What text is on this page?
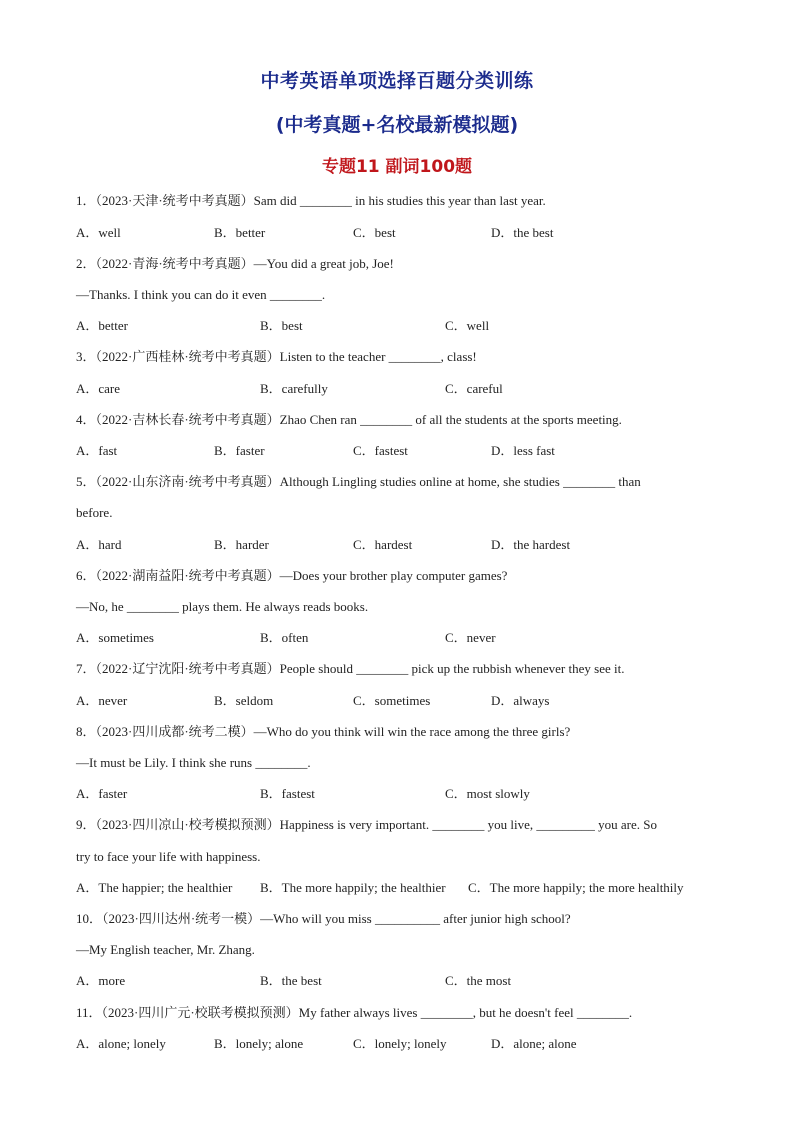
中考英语单项选择百题分类训练
(中考真题+名校最新模拟题)
专题11 副词100题
1．（2023·天津·统考中考真题）Sam did ________ in his studies this year than last year.
A．well	B．better	C．best	D．the best
2．（2022·青海·统考中考真题）—You did a great job, Joe!
—Thanks. I think you can do it even ________.
A．better	B．best	C．well
3．（2022·广西桂林·统考中考真题）Listen to the teacher ________, class!
A．care	B．carefully	C．careful
4．（2022·吉林长春·统考中考真题）Zhao Chen ran ________ of all the students at the sports meeting.
A．fast	B．faster	C．fastest	D．less fast
5．（2022·山东济南·统考中考真题）Although Lingling studies online at home, she studies ________ than
before.
A．hard	B．harder	C．hardest	D．the hardest
6．（2022·湖南益阳·统考中考真题）—Does your brother play computer games?
—No, he ________ plays them. He always reads books.
A．sometimes	B．often	C．never
7．（2022·辽宁沈阳·统考中考真题）People should ________ pick up the rubbish whenever they see it.
A．never	B．seldom	C．sometimes	D．always
8．（2023·四川成都·统考二模）—Who do you think will win the race among the three girls?
—It must be Lily. I think she runs ________.
A．faster	B．fastest	C．most slowly
9．（2023·四川凉山·校考模拟预测）Happiness is very important. ________ you live, _________ you are. So
try to face your life with happiness.
A．The happier; the healthier B．The more happily; the healthier C．The more happily; the more healthily
10．（2023·四川达州·统考一模）—Who will you miss __________ after junior high school?
—My English teacher, Mr. Zhang.
A．more	B．the best	C．the most
11．（2023·四川广元·校联考模拟预测）My father always lives ________, but he doesn't feel ________.
A．alone; lonely	B．lonely; alone	C．lonely; lonely	D．alone; alone
